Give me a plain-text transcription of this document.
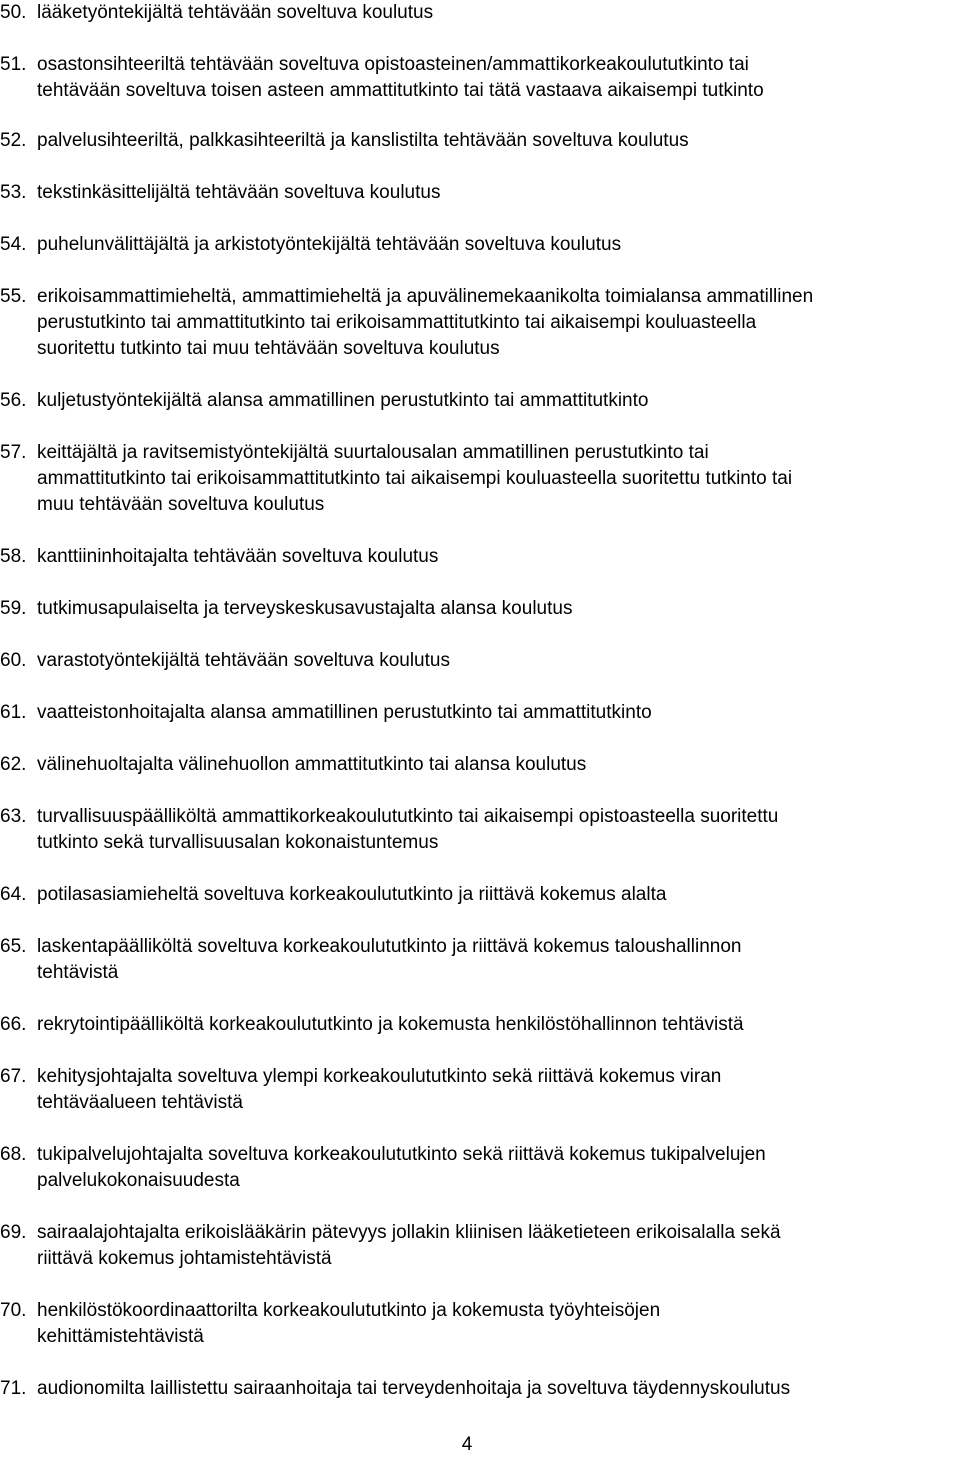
50. lääketyöntekijältä tehtävään soveltuva koulutus
51. osastonsihteeriltä tehtävään soveltuva opistoasteinen/ammattikorkeakoulututkinto tai
tehtävään soveltuva toisen asteen ammattitutkinto tai tätä vastaava aikaisempi tutkinto
52. palvelusihteeriltä, palkkasihteeriltä ja kanslistilta tehtävään soveltuva koulutus
53. tekstinkäsittelijältä tehtävään soveltuva koulutus
54. puhelunvälittäjältä ja arkistotyöntekijältä tehtävään soveltuva koulutus
55. erikoisammattimieheltä, ammattimieheltä ja apuvälinemekaanikolta toimialansa ammatillinen
perustutkinto tai ammattitutkinto tai erikoisammattitutkinto tai aikaisempi kouluasteella
suoritettu tutkinto tai muu tehtävään soveltuva koulutus
56. kuljetustyöntekijältä alansa ammatillinen perustutkinto tai ammattitutkinto
57. keittäjältä ja ravitsemistyöntekijältä suurtalousalan ammatillinen perustutkinto tai
ammattitutkinto tai erikoisammattitutkinto tai aikaisempi kouluasteella suoritettu tutkinto tai
muu tehtävään soveltuva koulutus
58. kanttiininhoitajalta tehtävään soveltuva koulutus
59. tutkimusapulaiselta ja terveyskeskusavustajalta alansa koulutus
60. varastotyöntekijältä tehtävään soveltuva koulutus
61. vaatteistonhoitajalta alansa ammatillinen perustutkinto tai ammattitutkinto
62. välinehuoltajalta välinehuollon ammattitutkinto tai alansa koulutus
63. turvallisuuspäälliköltä ammattikorkeakoulututkinto tai aikaisempi opistoasteella suoritettu
tutkinto sekä turvallisuusalan kokonaistuntemus
64. potilasasiamieheltä soveltuva korkeakoulututkinto ja riittävä kokemus alalta
65. laskentapäälliköltä soveltuva korkeakoulututkinto ja riittävä kokemus taloushallinnon
tehtävistä
66. rekrytointipäälliköltä korkeakoulututkinto ja kokemusta henkilöstöhallinnon tehtävistä
67. kehitysjohtajalta soveltuva ylempi korkeakoulututkinto sekä riittävä kokemus viran
tehtäväalueen tehtävistä
68. tukipalvelujohtajalta soveltuva korkeakoulututkinto sekä riittävä kokemus tukipalvelujen
palvelukokonaisuudesta
69. sairaalajohtajalta erikoislääkärin pätevyys jollakin kliinisen lääketieteen erikoisalalla sekä
riittävä kokemus johtamistehtävistä
70. henkilöstökoordinaattorilta korkeakoulututkinto ja kokemusta työyhteisöjen
kehittämistehtävistä
71. audionomilta laillistettu sairaanhoitaja tai terveydenhoitaja ja soveltuva täydennyskoulutus
4
